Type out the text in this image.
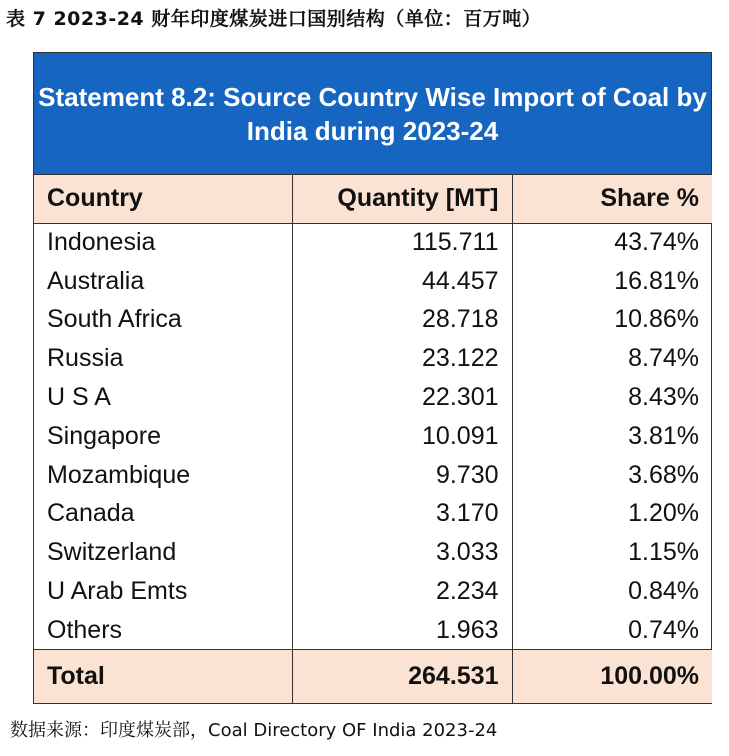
表 7 2023-24 财年印度煤炭进口国别结构（单位：百万吨）
Statement 8.2: Source Country Wise Import of Coal by
India during 2023-24
Country	Quantity [MT]	Share %
Indonesia	115.711	43.74%
Australia	44.457	16.81%
South Africa	28.718	10.86%
Russia	23.122	8.74%
U S A	22.301	8.43%
Singapore	10.091	3.81%
Mozambique	9.730	3.68%
Canada	3.170	1.20%
Switzerland	3.033	1.15%
U Arab Emts	2.234	0.84%
Others	1.963	0.74%
Total	264.531	100.00%
数据来源：印度煤炭部，Coal Directory OF India 2023-24
